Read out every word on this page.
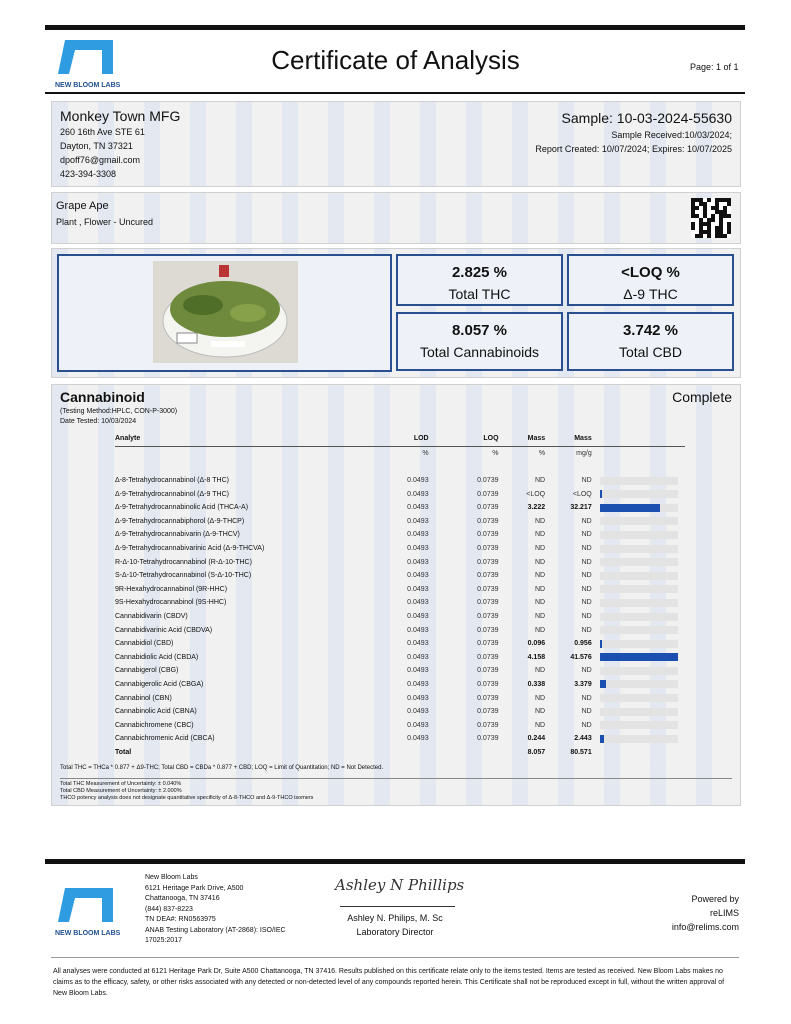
NEW BLOOM LABS
Certificate of Analysis	Page: 1 of 1
Monkey Town MFG
260 16th Ave STE 61
Dayton, TN 37321
dpoff76@gmail.com
423-394-3308
Sample: 10-03-2024-55630
Sample Received:10/03/2024;
Report Created: 10/07/2024; Expires: 10/07/2025
Grape Ape
Plant , Flower - Uncured
2.825 %
Total THC
<LOQ %
Δ-9 THC
8.057 %
Total Cannabinoids
3.742 %
Total CBD
Cannabinoid	Complete
(Testing Method:HPLC, CON-P-3000)
Date Tested: 10/03/2024
Total THC = THCa * 0.877 + Δ9-THC; Total CBD = CBDa * 0.877 + CBD; LOQ = Limit of Quantitation; ND = Not Detected.
Total THC Measurement of Uncertainty: ± 0.040%
Total CBD Measurement of Uncertainty: ± 2.000%
THCO potency analysis does not designate quantitative specificity of Δ-8-THCO and Δ-9-THCO isomers
Analyte	LOD	LOQ	Mass	Mass	
	%	%	%	mg/g	

Δ-8-Tetrahydrocannabinol (Δ-8 THC)	0.0493	0.0739	ND	ND	

Δ-9-Tetrahydrocannabinol (Δ-9 THC)	0.0493	0.0739	<LOQ	<LOQ	

Δ-9-Tetrahydrocannabinolic Acid (THCA-A)	0.0493	0.0739	3.222	32.217	

Δ-9-Tetrahydrocannabiphorol (Δ-9-THCP)	0.0493	0.0739	ND	ND	

Δ-9-Tetrahydrocannabivarin (Δ-9-THCV)	0.0493	0.0739	ND	ND	

Δ-9-Tetrahydrocannabivarinic Acid (Δ-9-THCVA)	0.0493	0.0739	ND	ND	

R-Δ-10-Tetrahydrocannabinol (R-Δ-10-THC)	0.0493	0.0739	ND	ND	

S-Δ-10-Tetrahydrocannabinol (S-Δ-10-THC)	0.0493	0.0739	ND	ND	

9R-Hexahydrocannabinol (9R-HHC)	0.0493	0.0739	ND	ND	

9S-Hexahydrocannabinol (9S-HHC)	0.0493	0.0739	ND	ND	

Cannabidivarin (CBDV)	0.0493	0.0739	ND	ND	

Cannabidivarinic Acid (CBDVA)	0.0493	0.0739	ND	ND	

Cannabidiol (CBD)	0.0493	0.0739	0.096	0.956	

Cannabidiolic Acid (CBDA)	0.0493	0.0739	4.158	41.576	

Cannabigerol (CBG)	0.0493	0.0739	ND	ND	

Cannabigerolic Acid (CBGA)	0.0493	0.0739	0.338	3.379	

Cannabinol (CBN)	0.0493	0.0739	ND	ND	

Cannabinolic Acid (CBNA)	0.0493	0.0739	ND	ND	

Cannabichromene (CBC)	0.0493	0.0739	ND	ND	

Cannabichromenic Acid (CBCA)	0.0493	0.0739	0.244	2.443	

Total			8.057	80.571	
NEW BLOOM LABS
New Bloom Labs
6121 Heritage Park Drive, A500
Chattanooga, TN 37416
(844) 837-8223
TN DEA#: RN0563975
ANAB Testing Laboratory (AT-2868): ISO/IEC
17025:2017
Ashley N Phillips
Ashley N. Philips, M. Sc
Laboratory Director
Powered by
reLIMS
info@relims.com
All analyses were conducted at 6121 Heritage Park Dr, Suite A500 Chattanooga, TN 37416. Results published on this certificate relate only to the items tested. Items are tested as received. New Bloom Labs makes no claims as to the efficacy, safety, or other risks associated with any detected or non-detected level of any compounds reported herein. This Certificate shall not be reproduced except in full, without the written approval of New Bloom Labs.
